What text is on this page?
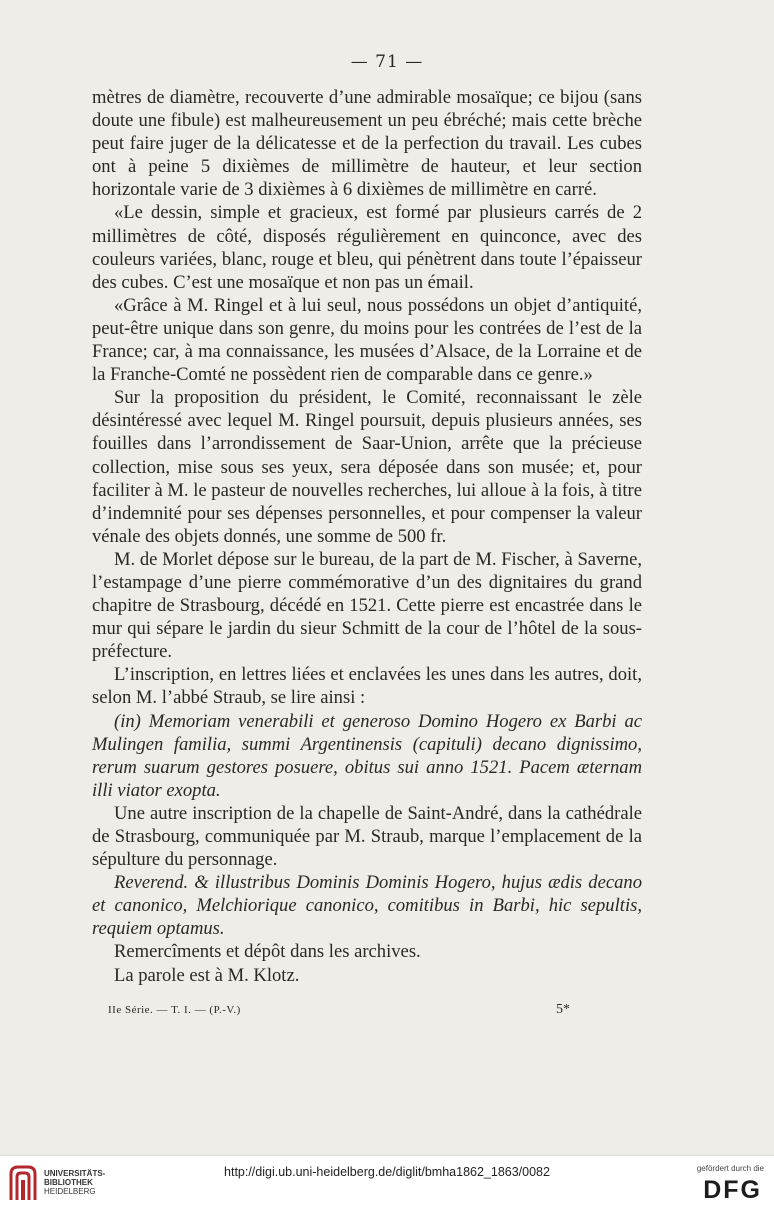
— 71 —

mètres de diamètre, recouverte d’une admirable mosaïque; ce bijou (sans doute une fibule) est malheureusement un peu ébréché; mais cette brèche peut faire juger de la délicatesse et de la perfection du travail. Les cubes ont à peine 5 dixièmes de millimètre de hauteur, et leur section horizontale varie de 3 dixièmes à 6 dixièmes de millimètre en carré.

«Le dessin, simple et gracieux, est formé par plusieurs carrés de 2 millimètres de côté, disposés régulièrement en quinconce, avec des couleurs variées, blanc, rouge et bleu, qui pénètrent dans toute l’épaisseur des cubes. C’est une mosaïque et non pas un émail.

«Grâce à M. Ringel et à lui seul, nous possédons un objet d’antiquité, peut-être unique dans son genre, du moins pour les contrées de l’est de la France; car, à ma connaissance, les musées d’Alsace, de la Lorraine et de la Franche-Comté ne possèdent rien de comparable dans ce genre.»

Sur la proposition du président, le Comité, reconnaissant le zèle désintéressé avec lequel M. Ringel poursuit, depuis plusieurs années, ses fouilles dans l’arrondissement de Saar-Union, arrête que la précieuse collection, mise sous ses yeux, sera déposée dans son musée; et, pour faciliter à M. le pasteur de nouvelles recherches, lui alloue à la fois, à titre d’indemnité pour ses dépenses personnelles, et pour compenser la valeur vénale des objets donnés, une somme de 500 fr.

M. de Morlet dépose sur le bureau, de la part de M. Fischer, à Saverne, l’estampage d’une pierre commémorative d’un des dignitaires du grand chapitre de Strasbourg, décédé en 1521. Cette pierre est encastrée dans le mur qui sépare le jardin du sieur Schmitt de la cour de l’hôtel de la sous-préfecture.

L’inscription, en lettres liées et enclavées les unes dans les autres, doit, selon M. l’abbé Straub, se lire ainsi :

(in) Memoriam venerabili et generoso Domino Hogero ex Barbi ac Mulingen familia, summi Argentinensis (capituli) decano dignissimo, rerum suarum gestores posuere, obitus sui anno 1521. Pacem æternam illi viator exopta.

Une autre inscription de la chapelle de Saint-André, dans la cathédrale de Strasbourg, communiquée par M. Straub, marque l’emplacement de la sépulture du personnage.

Reverend. & illustribus Dominis Dominis Hogero, hujus ædis decano et canonico, Melchiorique canonico, comitibus in Barbi, hic sepultis, requiem optamus.

Remercîments et dépôt dans les archives.

La parole est à M. Klotz.

IIe Série. — T. I. — (P.-V.)	5*
UNIVERSITÄTS-
BIBLIOTHEK
HEIDELBERG
http://digi.ub.uni-heidelberg.de/diglit/bmha1862_1863/0082	gefördert durch die
DFG
